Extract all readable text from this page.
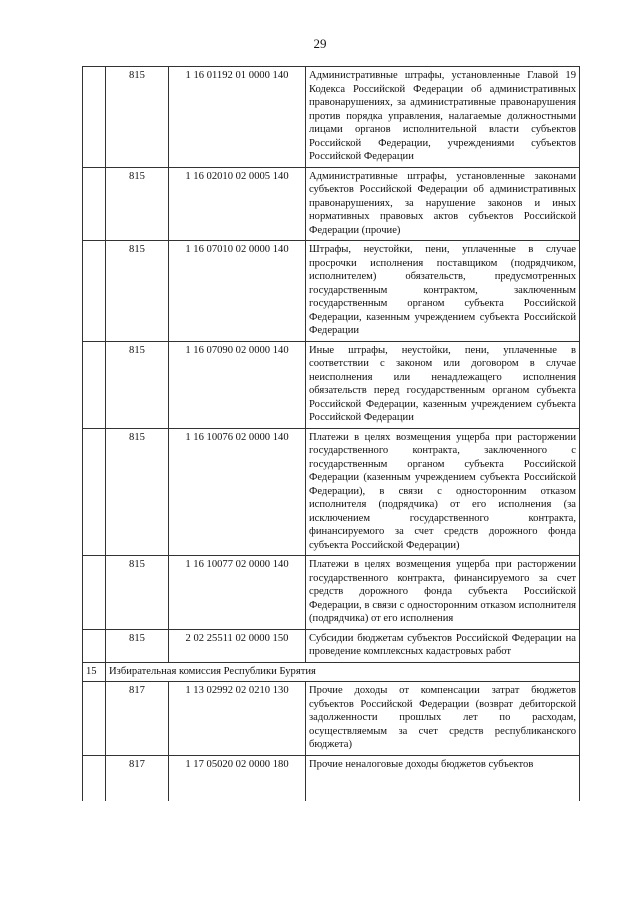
29
	815	1 16 01192 01 0000 140	Административные штрафы, установленные Главой 19 Кодекса Российской Федерации об административных правонарушениях, за административные правонарушения против порядка управления, налагаемые должностными лицами органов исполнительной власти субъектов Российской Федерации, учреждениями субъектов Российской Федерации
	815	1 16 02010 02 0005 140	Административные штрафы, установленные законами субъектов Российской Федерации об административных правонарушениях, за нарушение законов и иных нормативных правовых актов субъектов Российской Федерации (прочие)
	815	1 16 07010 02 0000 140	Штрафы, неустойки, пени, уплаченные в случае просрочки исполнения поставщиком (подрядчиком, исполнителем) обязательств, предусмотренных государственным контрактом, заключенным государственным органом субъекта Российской Федерации, казенным учреждением субъекта Российской Федерации
	815	1 16 07090 02 0000 140	Иные штрафы, неустойки, пени, уплаченные в соответствии с законом или договором в случае неисполнения или ненадлежащего исполнения обязательств перед государственным органом субъекта Российской Федерации, казенным учреждением субъекта Российской Федерации
	815	1 16 10076 02 0000 140	Платежи в целях возмещения ущерба при расторжении государственного контракта, заключенного с государственным органом субъекта Российской Федерации (казенным учреждением субъекта Российской Федерации), в связи с односторонним отказом исполнителя (подрядчика) от его исполнения (за исключением государственного контракта, финансируемого за счет средств дорожного фонда субъекта Российской Федерации)
	815	1 16 10077 02 0000 140	Платежи в целях возмещения ущерба при расторжении государственного контракта, финансируемого за счет средств дорожного фонда субъекта Российской Федерации, в связи с односторонним отказом исполнителя (подрядчика) от его исполнения
	815	2 02 25511 02 0000 150	Субсидии бюджетам субъектов Российской Федерации на проведение комплексных кадастровых работ
15	Избирательная комиссия Республики Бурятия		
	817	1 13 02992 02 0210 130	Прочие доходы от компенсации затрат бюджетов субъектов Российской Федерации (возврат дебиторской задолженности прошлых лет по расходам, осуществляемым за счет средств республиканского бюджета)
	817	1 17 05020 02 0000 180	Прочие неналоговые доходы бюджетов субъектов
